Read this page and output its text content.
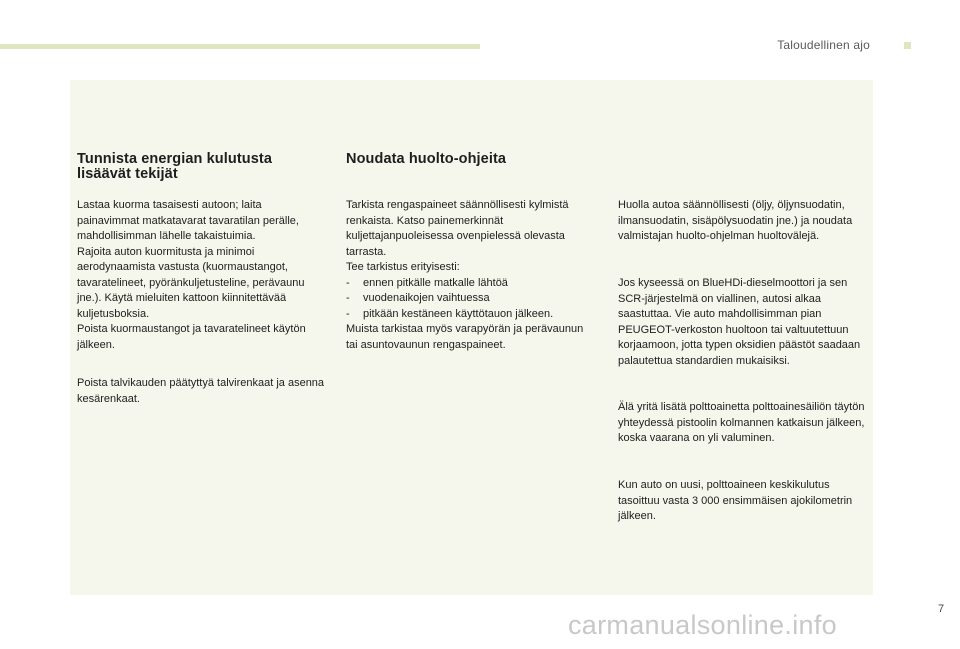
Taloudellinen ajo
Tunnista energian kulutusta lisäävät tekijät

Lastaa kuorma tasaisesti autoon; laita painavimmat matkatavarat tavaratilan perälle, mahdollisimman lähelle takaistuimia.

Rajoita auton kuormitusta ja minimoi aerodynaamista vastusta (kuormaustangot, tavaratelineet, pyöränkuljetusteline, perävaunu jne.). Käytä mieluiten kattoon kiinnitettävää kuljetusboksia.

Poista kuormaustangot ja tavaratelineet käytön jälkeen.

Poista talvikauden päätyttyä talvirenkaat ja asenna kesärenkaat.

Noudata huolto-ohjeita

Tarkista rengaspaineet säännöllisesti kylmistä renkaista. Katso painemerkinnät kuljettajanpuoleisessa ovenpielessä olevasta tarrasta.

Tee tarkistus erityisesti:

- ennen pitkälle matkalle lähtöä
- vuodenaikojen vaihtuessa
- pitkään kestäneen käyttötauon jälkeen.

Muista tarkistaa myös varapyörän ja perävaunun tai asuntovaunun rengaspaineet.

Huolla autoa säännöllisesti (öljy, öljynsuodatin, ilmansuodatin, sisäpölysuodatin jne.) ja noudata valmistajan huolto-ohjelman huoltovälejä.

Jos kyseessä on BlueHDi-dieselmoottori ja sen SCR-järjestelmä on viallinen, autosi alkaa saastuttaa. Vie auto mahdollisimman pian PEUGEOT-verkoston huoltoon tai valtuutettuun korjaamoon, jotta typen oksidien päästöt saadaan palautettua standardien mukaisiksi.

Älä yritä lisätä polttoainetta polttoainesäiliön täytön yhteydessä pistoolin kolmannen katkaisun jälkeen, koska vaarana on yli valuminen.

Kun auto on uusi, polttoaineen keskikulutus tasoittuu vasta 3 000 ensimmäisen ajokilometrin jälkeen.

7
carmanualsonline.info
